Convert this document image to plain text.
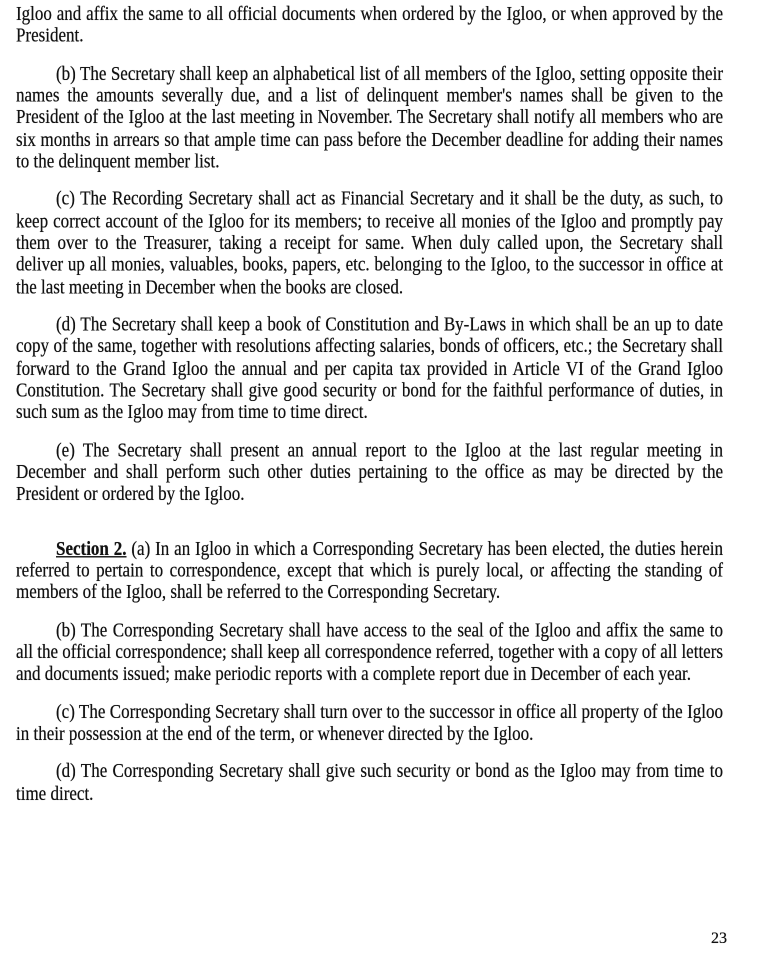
Igloo and affix the same to all official documents when ordered by the Igloo, or when approved by the President.

(b) The Secretary shall keep an alphabetical list of all members of the Igloo, setting opposite their names the amounts severally due, and a list of delinquent member's names shall be given to the President of the Igloo at the last meeting in November. The Secretary shall notify all members who are six months in arrears so that ample time can pass before the December deadline for adding their names to the delinquent member list.

(c) The Recording Secretary shall act as Financial Secretary and it shall be the duty, as such, to keep correct account of the Igloo for its members; to receive all monies of the Igloo and promptly pay them over to the Treasurer, taking a receipt for same. When duly called upon, the Secretary shall deliver up all monies, valuables, books, papers, etc. belonging to the Igloo, to the successor in office at the last meeting in December when the books are closed.

(d) The Secretary shall keep a book of Constitution and By-Laws in which shall be an up to date copy of the same, together with resolutions affecting salaries, bonds of officers, etc.; the Secretary shall forward to the Grand Igloo the annual and per capita tax provided in Article VI of the Grand Igloo Constitution. The Secretary shall give good security or bond for the faithful performance of duties, in such sum as the Igloo may from time to time direct.

(e) The Secretary shall present an annual report to the Igloo at the last regular meeting in December and shall perform such other duties pertaining to the office as may be directed by the President or ordered by the Igloo.

Section 2. (a) In an Igloo in which a Corresponding Secretary has been elected, the duties herein referred to pertain to correspondence, except that which is purely local, or affecting the standing of members of the Igloo, shall be referred to the Corresponding Secretary.

(b) The Corresponding Secretary shall have access to the seal of the Igloo and affix the same to all the official correspondence; shall keep all correspondence referred, together with a copy of all letters and documents issued; make periodic reports with a complete report due in December of each year.

(c) The Corresponding Secretary shall turn over to the successor in office all property of the Igloo in their possession at the end of the term, or whenever directed by the Igloo.

(d) The Corresponding Secretary shall give such security or bond as the Igloo may from time to time direct.

23
